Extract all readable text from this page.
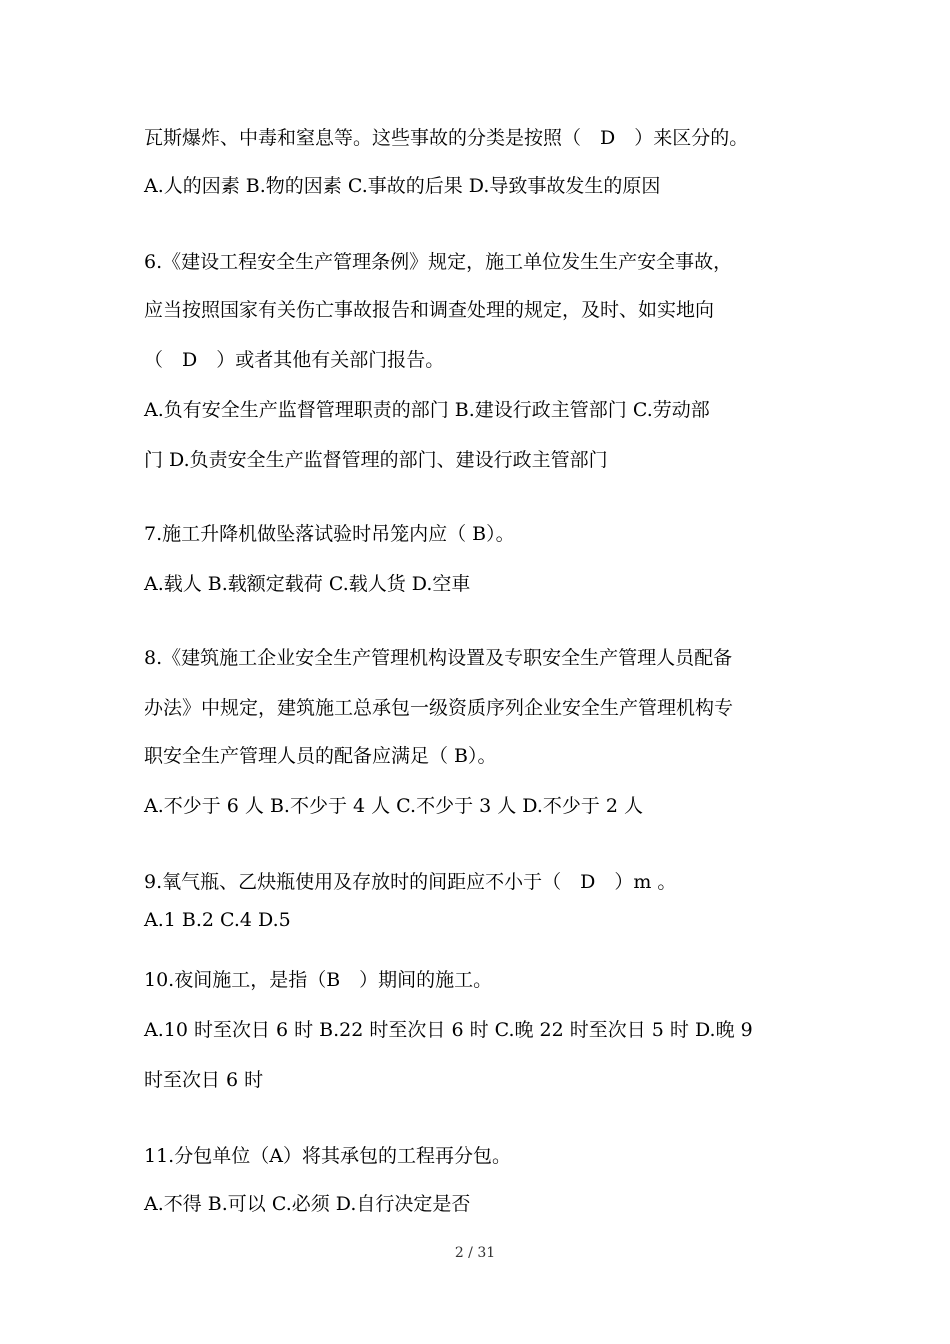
瓦斯爆炸、中毒和窒息等。这些事故的分类是按照（　D　）来区分的。
A.人的因素 B.物的因素 C.事故的后果 D.导致事故发生的原因
6.《建设工程安全生产管理条例》规定，施工单位发生生产安全事故，
应当按照国家有关伤亡事故报告和调查处理的规定，及时、如实地向
（　D　）或者其他有关部门报告。
A.负有安全生产监督管理职责的部门 B.建设行政主管部门 C.劳动部
门 D.负责安全生产监督管理的部门、建设行政主管部门
7.施工升降机做坠落试验时吊笼内应（ B）。
A.载人 B.载额定载荷 C.载人货 D.空車
8.《建筑施工企业安全生产管理机构设置及专职安全生产管理人员配备
办法》中规定，建筑施工总承包一级资质序列企业安全生产管理机构专
职安全生产管理人员的配备应满足（ B）。
A.不少于 6 人 B.不少于 4 人 C.不少于 3 人 D.不少于 2 人
9.氧气瓶、乙炔瓶使用及存放时的间距应不小于（　D　）m 。
A.1 B.2 C.4 D.5
10.夜间施工，是指（B　）期间的施工。
A.10 时至次日 6 时 B.22 时至次日 6 时 C.晚 22 时至次日 5 时 D.晚 9
时至次日 6 时
11.分包单位（A）将其承包的工程再分包。
A.不得 B.可以 C.必须 D.自行决定是否
2 / 31
